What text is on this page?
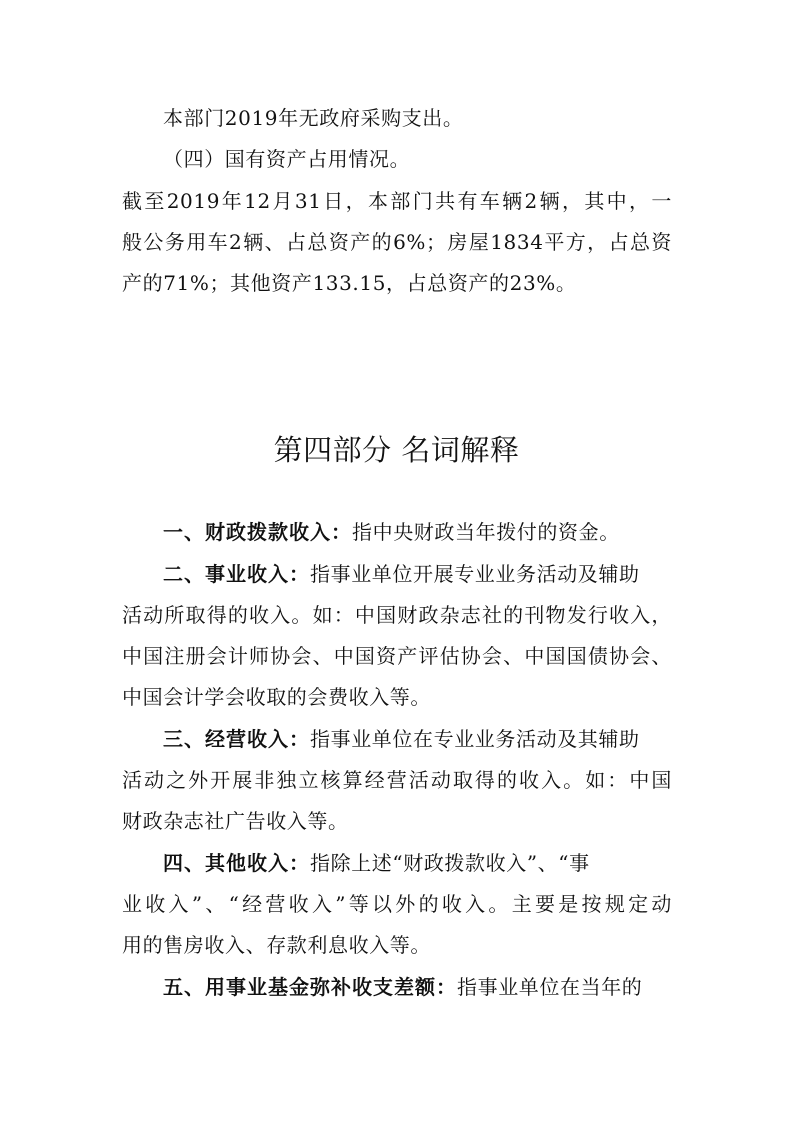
本部门2019年无政府采购支出。
（四）国有资产占用情况。
截至2019年12月31日，本部门共有车辆2辆，其中，一
般公务用车2辆、占总资产的6%；房屋1834平方，占总资
产的71%；其他资产133.15，占总资产的23%。
第四部分 名词解释
一、财政拨款收入：指中央财政当年拨付的资金。
二、事业收入：指事业单位开展专业业务活动及辅助
活动所取得的收入。如：中国财政杂志社的刊物发行收入，
中国注册会计师协会、中国资产评估协会、中国国债协会、
中国会计学会收取的会费收入等。
三、经营收入：指事业单位在专业业务活动及其辅助
活动之外开展非独立核算经营活动取得的收入。如：中国
财政杂志社广告收入等。
四、其他收入：指除上述“财政拨款收入”、“事
业收入”、“经营收入”等以外的收入。主要是按规定动
用的售房收入、存款利息收入等。
五、用事业基金弥补收支差额：指事业单位在当年的
